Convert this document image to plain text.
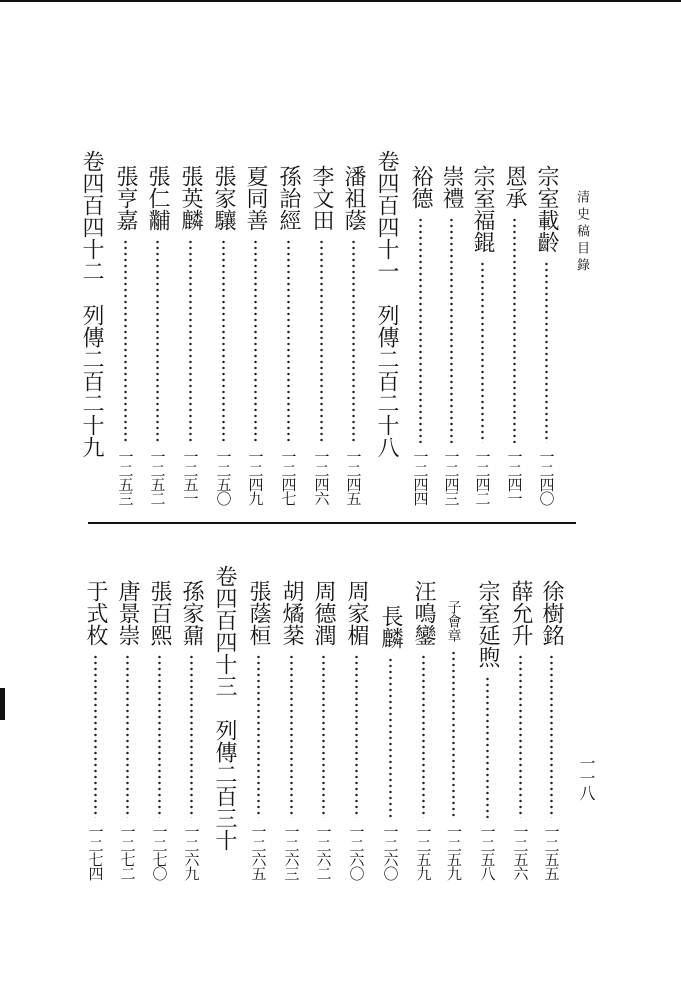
清史稿目錄
宗室載齡
一二四〇
恩承
一二四一
宗室福錕
一二四二
崇禮
一二四三
裕德
一二四四
卷四百四十一列傳二百二十八
潘祖蔭
一二四五
李文田
一二四六
孫詒經
一二四七
夏同善
一二四九
張家驤
一二五〇
張英麟
一二五一
張仁黼
一二五二
張亨嘉
一二五三
卷四百四十二列傳二百二十九
徐樹銘
一二五五
薛允升
一二五六
宗室延煦
一二五八
子會章
一二五九
汪鳴鑾
一二五九
長麟
一二六〇
周家楣
一二六〇
周德潤
一二六二
胡燏棻
一二六三
張蔭桓
一二六五
卷四百四十三列傳二百三十
孫家鼐
一二六九
張百熙
一二七〇
唐景崇
一二七二
于式枚
一二七四
一一八
